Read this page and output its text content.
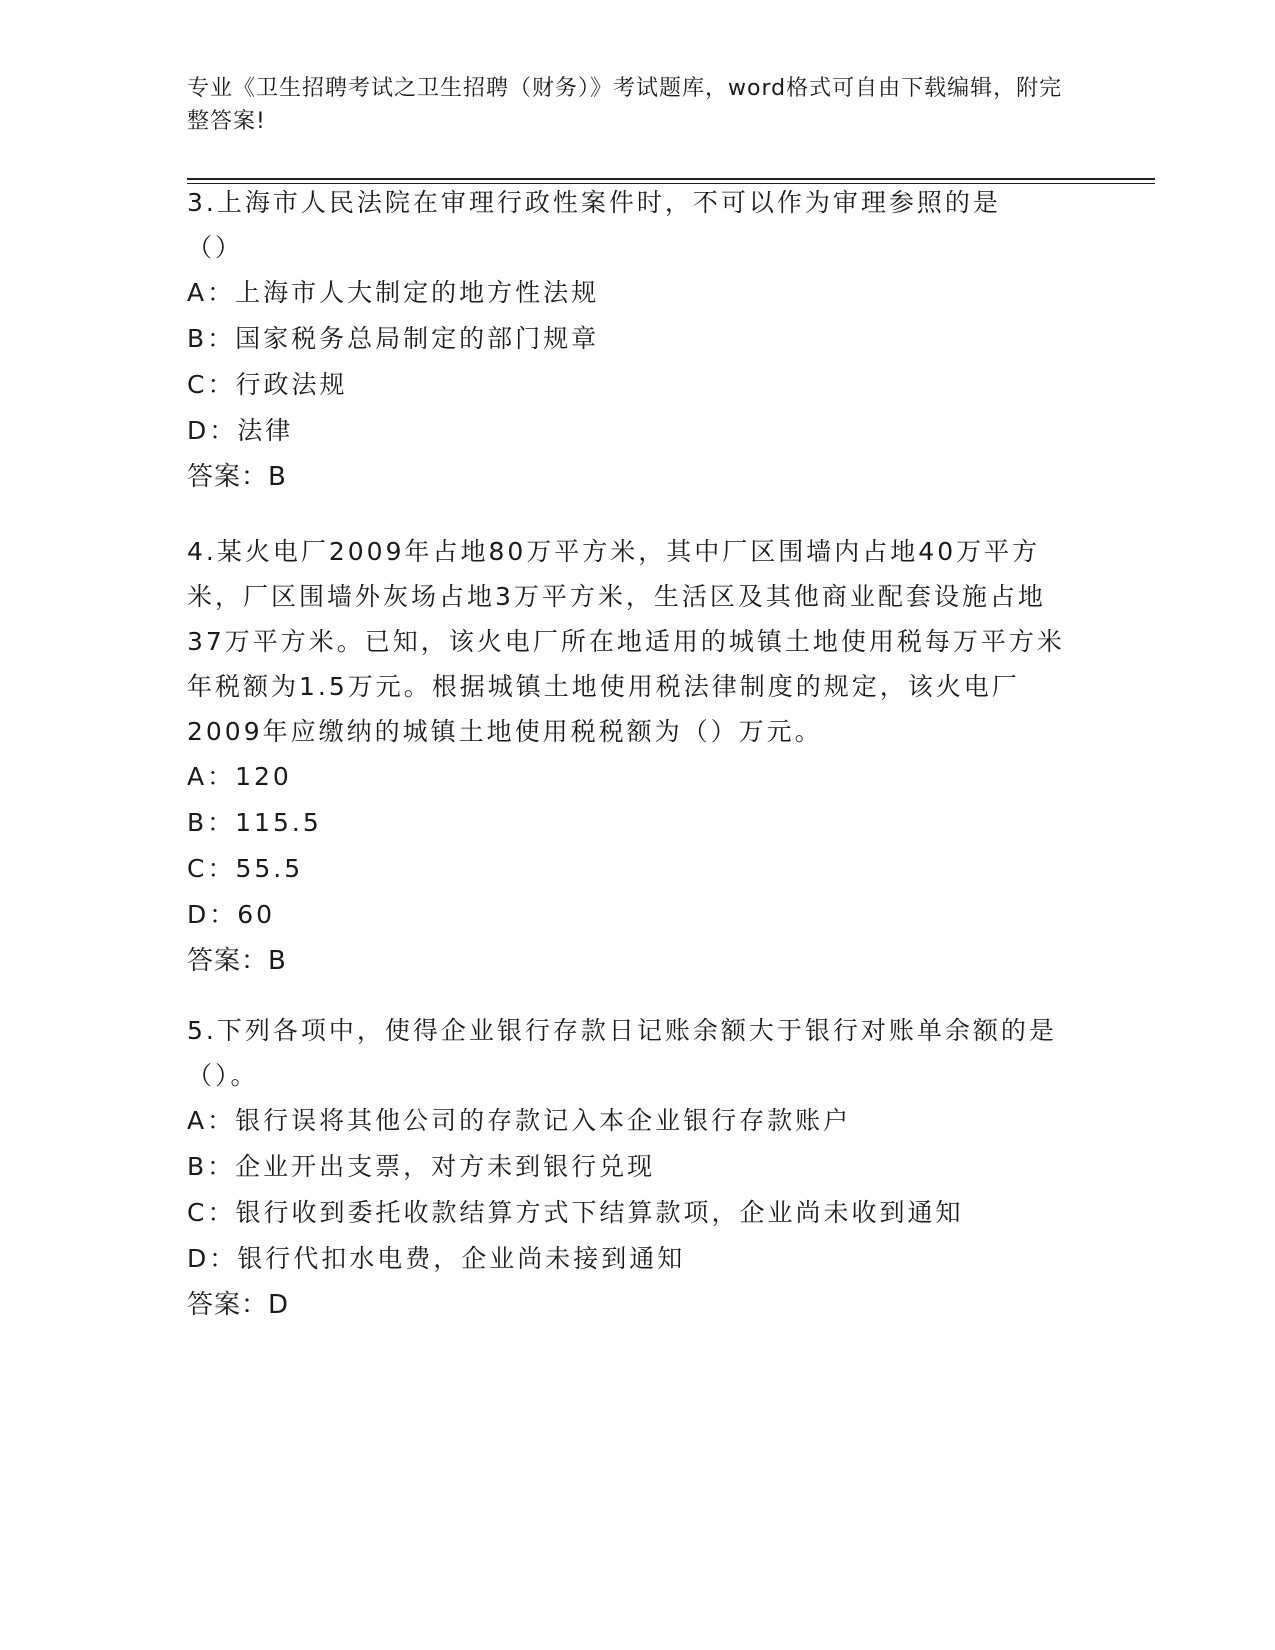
专业《卫生招聘考试之卫生招聘（财务）》考试题库，word格式可自由下载编辑，附完整答案!

3.上海市人民法院在审理行政性案件时，不可以作为审理参照的是（）

A：上海市人大制定的地方性法规

B：国家税务总局制定的部门规章

C：行政法规

D：法律

答案：B

4.某火电厂2009年占地80万平方米，其中厂区围墙内占地40万平方米，厂区围墙外灰场占地3万平方米，生活区及其他商业配套设施占地37万平方米。已知，该火电厂所在地适用的城镇土地使用税每万平方米年税额为1.5万元。根据城镇土地使用税法律制度的规定，该火电厂2009年应缴纳的城镇土地使用税税额为（）万元。

A：120

B：115.5

C：55.5

D：60

答案：B

5.下列各项中，使得企业银行存款日记账余额大于银行对账单余额的是（）。

A：银行误将其他公司的存款记入本企业银行存款账户

B：企业开出支票，对方未到银行兑现

C：银行收到委托收款结算方式下结算款项，企业尚未收到通知

D：银行代扣水电费，企业尚未接到通知

答案：D
